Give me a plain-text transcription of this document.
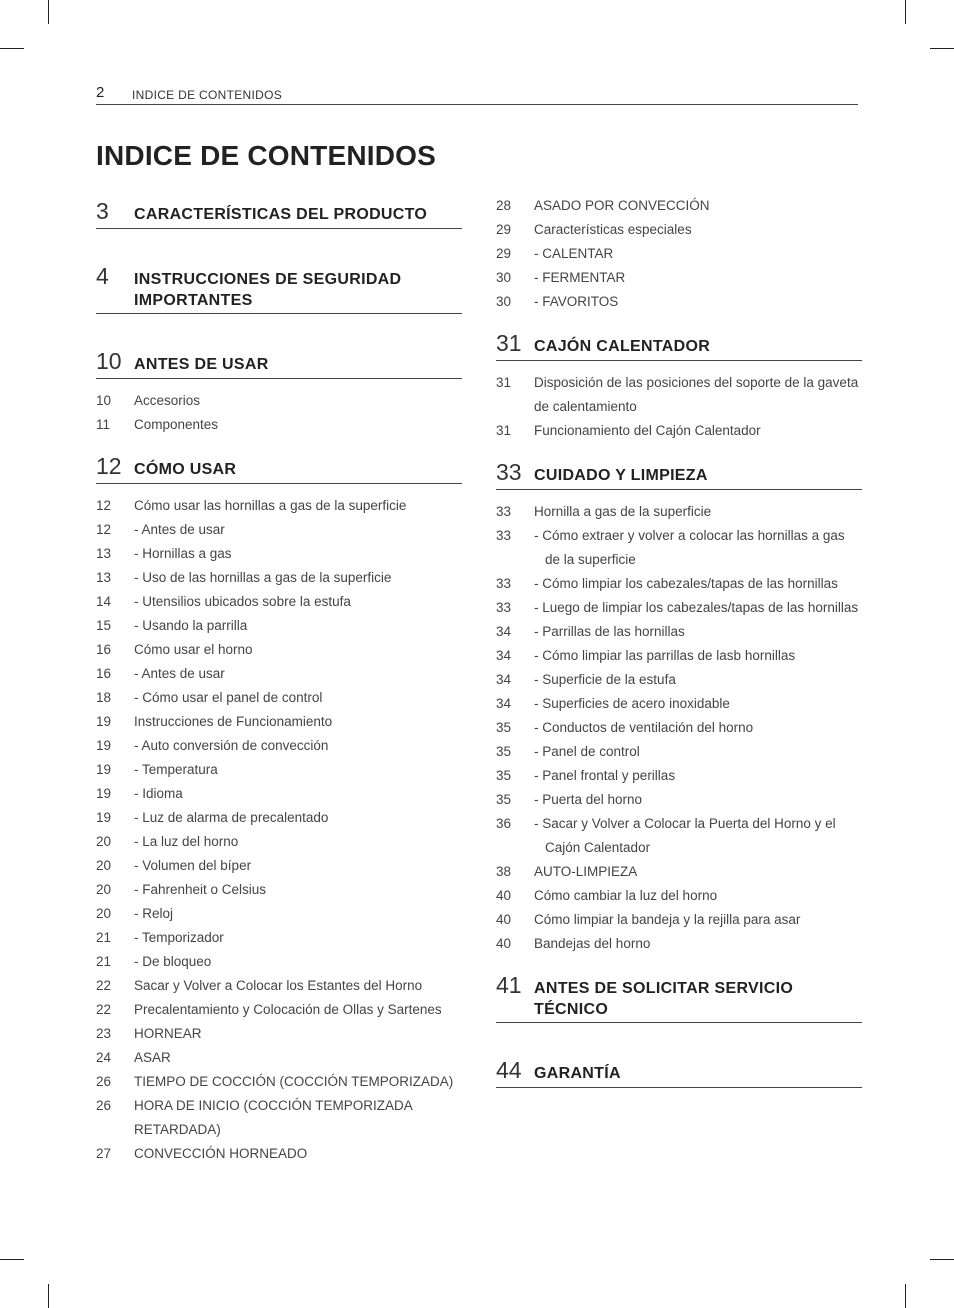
2 INDICE DE CONTENIDOS
INDICE DE CONTENIDOS
3	CARACTERÍSTICAS DEL PRODUCTO
4	INSTRUCCIONES DE SEGURIDAD IMPORTANTES
10 ANTES DE USAR
10	Accesorios
11	Componentes
12 CÓMO USAR
12	Cómo usar las hornillas a gas de la superficie
12	- Antes de usar
13	- Hornillas a gas
13	- Uso de las hornillas a gas de la superficie
14	- Utensilios ubicados sobre la estufa
15	- Usando la parrilla
16	Cómo usar el horno
16	- Antes de usar
18	- Cómo usar el panel de control
19	Instrucciones de Funcionamiento
19	- Auto conversión de convección
19	- Temperatura
19	- Idioma
19	- Luz de alarma de precalentado
20	- La luz del horno
20	- Volumen del bíper
20	- Fahrenheit o Celsius
20	- Reloj
21	- Temporizador
21	- De bloqueo
22	Sacar y Volver a Colocar los Estantes del Horno
22	Precalentamiento y Colocación de Ollas y Sartenes
23	HORNEAR
24	ASAR
26	TIEMPO DE COCCIÓN (COCCIÓN TEMPORIZADA)
26	HORA DE INICIO (COCCIÓN TEMPORIZADA RETARDADA)
27	CONVECCIÓN HORNEADO
28	ASADO POR CONVECCIÓN
29	Características especiales
29	- CALENTAR
30	- FERMENTAR
30	- FAVORITOS
31 CAJÓN CALENTADOR
31	Disposición de las posiciones del soporte de la gaveta de calentamiento
31	Funcionamiento del Cajón Calentador
33 CUIDADO Y LIMPIEZA
33	Hornilla a gas de la superficie
33	- Cómo extraer y volver a colocar las hornillas a gas de la superficie
33	- Cómo limpiar los cabezales/tapas de las hornillas
33	- Luego de limpiar los cabezales/tapas de las hornillas
34	- Parrillas de las hornillas
34	- Cómo limpiar las parrillas de lasb hornillas
34	- Superficie de la estufa
34	- Superficies de acero inoxidable
35	- Conductos de ventilación del horno
35	- Panel de control
35	- Panel frontal y perillas
35	- Puerta del horno
36	- Sacar y Volver a Colocar la Puerta del Horno y el Cajón Calentador
38	AUTO-LIMPIEZA
40	Cómo cambiar la luz del horno
40	Cómo limpiar la bandeja y la rejilla para asar
40	Bandejas del horno
41 ANTES DE SOLICITAR SERVICIO TÉCNICO
44 GARANTÍA
